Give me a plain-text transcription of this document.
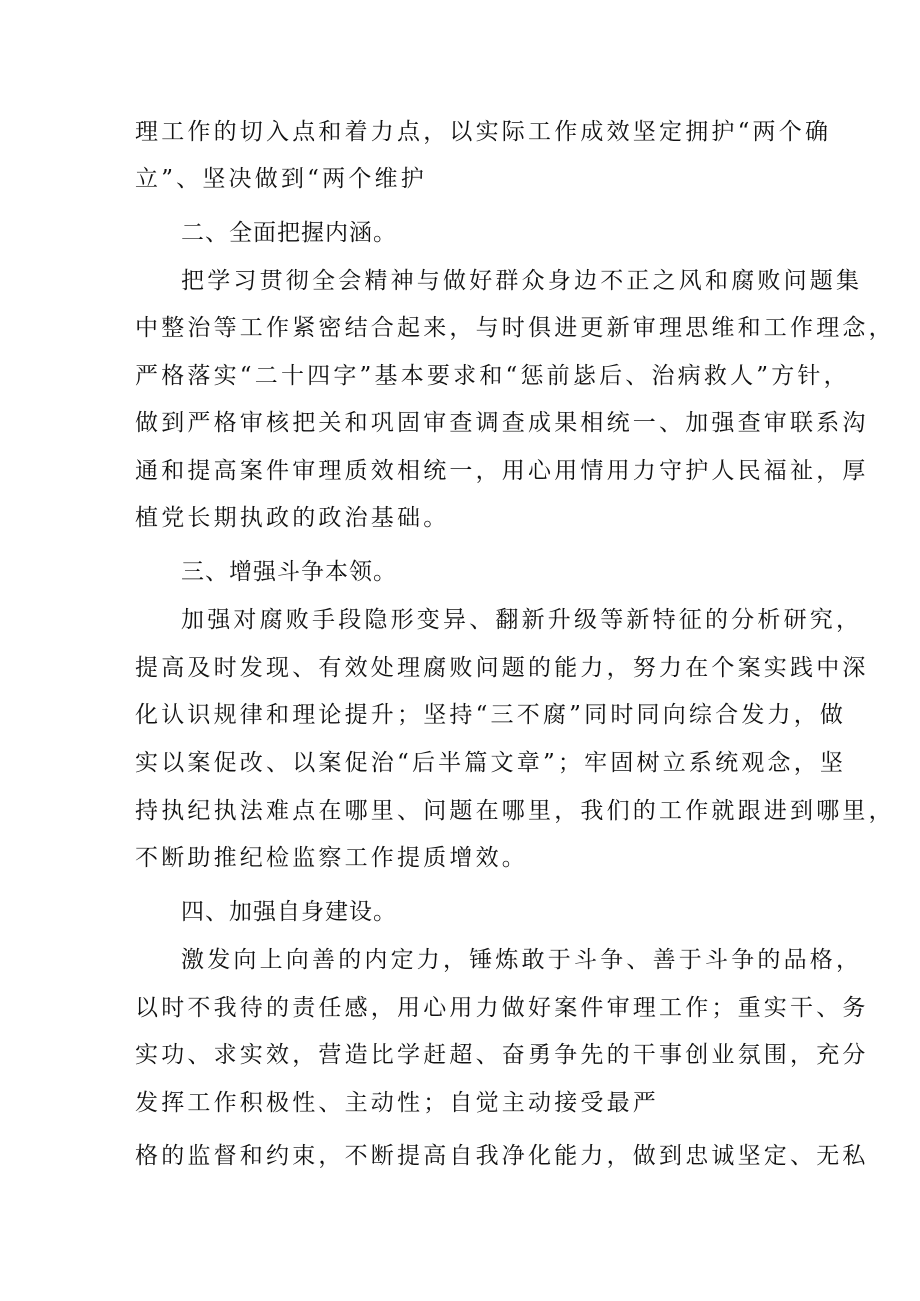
理工作的切入点和着力点，以实际工作成效坚定拥护“两个确
立”、坚决做到“两个维护
二、全面把握内涵。
把学习贯彻全会精神与做好群众身边不正之风和腐败问题集
中整治等工作紧密结合起来，与时俱进更新审理思维和工作理念，
严格落实“二十四字”基本要求和“惩前毖后、治病救人”方针，
做到严格审核把关和巩固审查调查成果相统一、加强查审联系沟
通和提高案件审理质效相统一，用心用情用力守护人民福祉，厚
植党长期执政的政治基础。
三、增强斗争本领。
加强对腐败手段隐形变异、翻新升级等新特征的分析研究，
提高及时发现、有效处理腐败问题的能力，努力在个案实践中深
化认识规律和理论提升；坚持“三不腐”同时同向综合发力，做
实以案促改、以案促治“后半篇文章”；牢固树立系统观念，坚
持执纪执法难点在哪里、问题在哪里，我们的工作就跟进到哪里，
不断助推纪检监察工作提质增效。
四、加强自身建设。
激发向上向善的内定力，锤炼敢于斗争、善于斗争的品格，
以时不我待的责任感，用心用力做好案件审理工作；重实干、务
实功、求实效，营造比学赶超、奋勇争先的干事创业氛围，充分
发挥工作积极性、主动性；自觉主动接受最严
格的监督和约束，不断提高自我净化能力，做到忠诚坚定、无私
